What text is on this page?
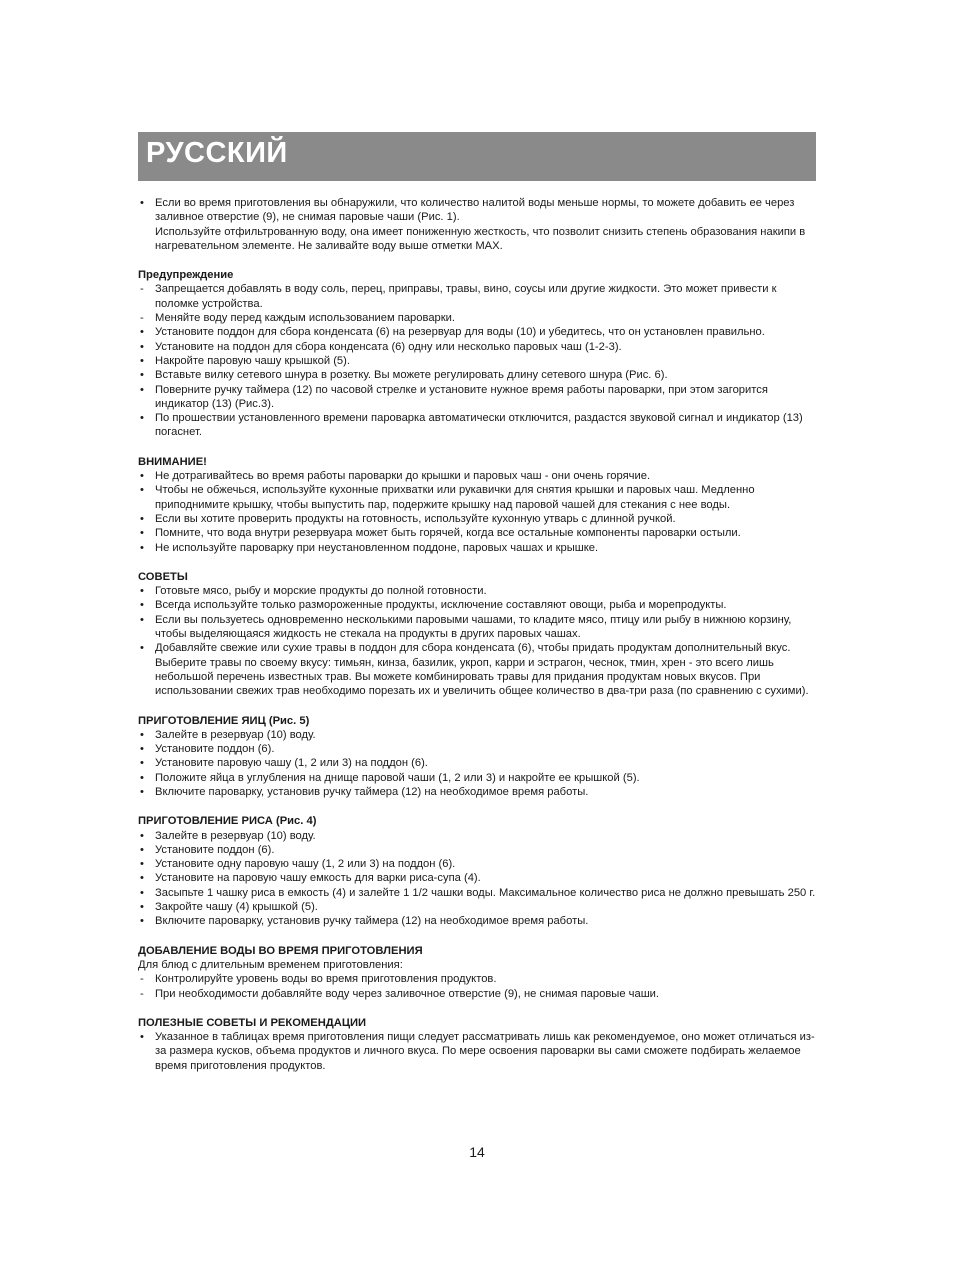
РУССКИЙ
• Если во время приготовления вы обнаружили, что количество налитой воды меньше нормы, то можете добавить ее через заливное отверстие (9), не снимая паровые чаши (Рис. 1).
Используйте отфильтрованную воду, она имеет пониженную жесткость, что позволит снизить степень образования накипи в нагревательном элементе. Не заливайте воду выше отметки MAX.
Предупреждение
- Запрещается добавлять в воду соль, перец, приправы, травы, вино, соусы или другие жидкости. Это может привести к поломке устройства.
- Меняйте воду перед каждым использованием пароварки.
• Установите поддон для сбора конденсата (6) на резервуар для воды (10) и убедитесь, что он установлен правильно.
• Установите на поддон для сбора конденсата (6) одну или несколько паровых чаш (1-2-3).
• Накройте паровую чашу крышкой (5).
• Вставьте вилку сетевого шнура в розетку. Вы можете регулировать длину сетевого шнура (Рис. 6).
• Поверните ручку таймера (12) по часовой стрелке и установите нужное время работы пароварки, при этом загорится индикатор (13) (Рис.3).
• По прошествии установленного времени пароварка автоматически отключится, раздастся звуковой сигнал и индикатор (13) погаснет.
ВНИМАНИЕ!
• Не дотрагивайтесь во время работы пароварки до крышки и паровых чаш - они очень горячие.
• Чтобы не обжечься, используйте кухонные прихватки или рукавички для снятия крышки и паровых чаш. Медленно приподнимите крышку, чтобы выпустить пар, подержите крышку над паровой чашей для стекания с нее воды.
• Если вы хотите проверить продукты на готовность, используйте кухонную утварь с длинной ручкой.
• Помните, что вода внутри резервуара может быть горячей, когда все остальные компоненты пароварки остыли.
• Не используйте пароварку при неустановленном поддоне, паровых чашах и крышке.
СОВЕТЫ
• Готовьте мясо, рыбу и морские продукты до полной готовности.
• Всегда используйте только размороженные продукты, исключение составляют овощи, рыба и морепродукты.
• Если вы пользуетесь одновременно несколькими паровыми чашами, то кладите мясо, птицу или рыбу в нижнюю корзину, чтобы выделяющаяся жидкость не стекала на продукты в других паровых чашах.
• Добавляйте свежие или сухие травы в поддон для сбора конденсата (6), чтобы придать продуктам дополнительный вкус. Выберите травы по своему вкусу: тимьян, кинза, базилик, укроп, карри и эстрагон, чеснок, тмин, хрен - это всего лишь небольшой перечень известных трав. Вы можете комбинировать травы для придания продуктам новых вкусов. При использовании свежих трав необходимо порезать их и увеличить общее количество в два-три раза (по сравнению с сухими).
ПРИГОТОВЛЕНИЕ ЯИЦ (Рис. 5)
• Залейте в резервуар (10) воду.
• Установите поддон (6).
• Установите паровую чашу (1, 2 или 3) на поддон (6).
• Положите яйца в углубления на днище паровой чаши (1, 2 или 3) и накройте ее крышкой (5).
• Включите пароварку, установив ручку таймера (12) на необходимое время работы.
ПРИГОТОВЛЕНИЕ РИСА (Рис. 4)
• Залейте в резервуар (10) воду.
• Установите поддон (6).
• Установите одну паровую чашу (1, 2 или 3) на поддон (6).
• Установите на паровую чашу емкость для варки риса-супа (4).
• Засыпьте 1 чашку риса в емкость (4) и залейте 1 1/2 чашки воды. Максимальное количество риса не должно превышать 250 г.
• Закройте чашу (4) крышкой (5).
• Включите пароварку, установив ручку таймера (12) на необходимое время работы.
ДОБАВЛЕНИЕ ВОДЫ ВО ВРЕМЯ ПРИГОТОВЛЕНИЯ
Для блюд с длительным временем приготовления:
- Контролируйте уровень воды во время приготовления продуктов.
- При необходимости добавляйте воду через заливочное отверстие (9), не снимая паровые чаши.
ПОЛЕЗНЫЕ СОВЕТЫ И РЕКОМЕНДАЦИИ
• Указанное в таблицах время приготовления пищи следует рассматривать лишь как рекомендуемое, оно может отличаться из-за размера кусков, объема продуктов и личного вкуса. По мере освоения пароварки вы сами сможете подбирать желаемое время приготовления продуктов.
14
